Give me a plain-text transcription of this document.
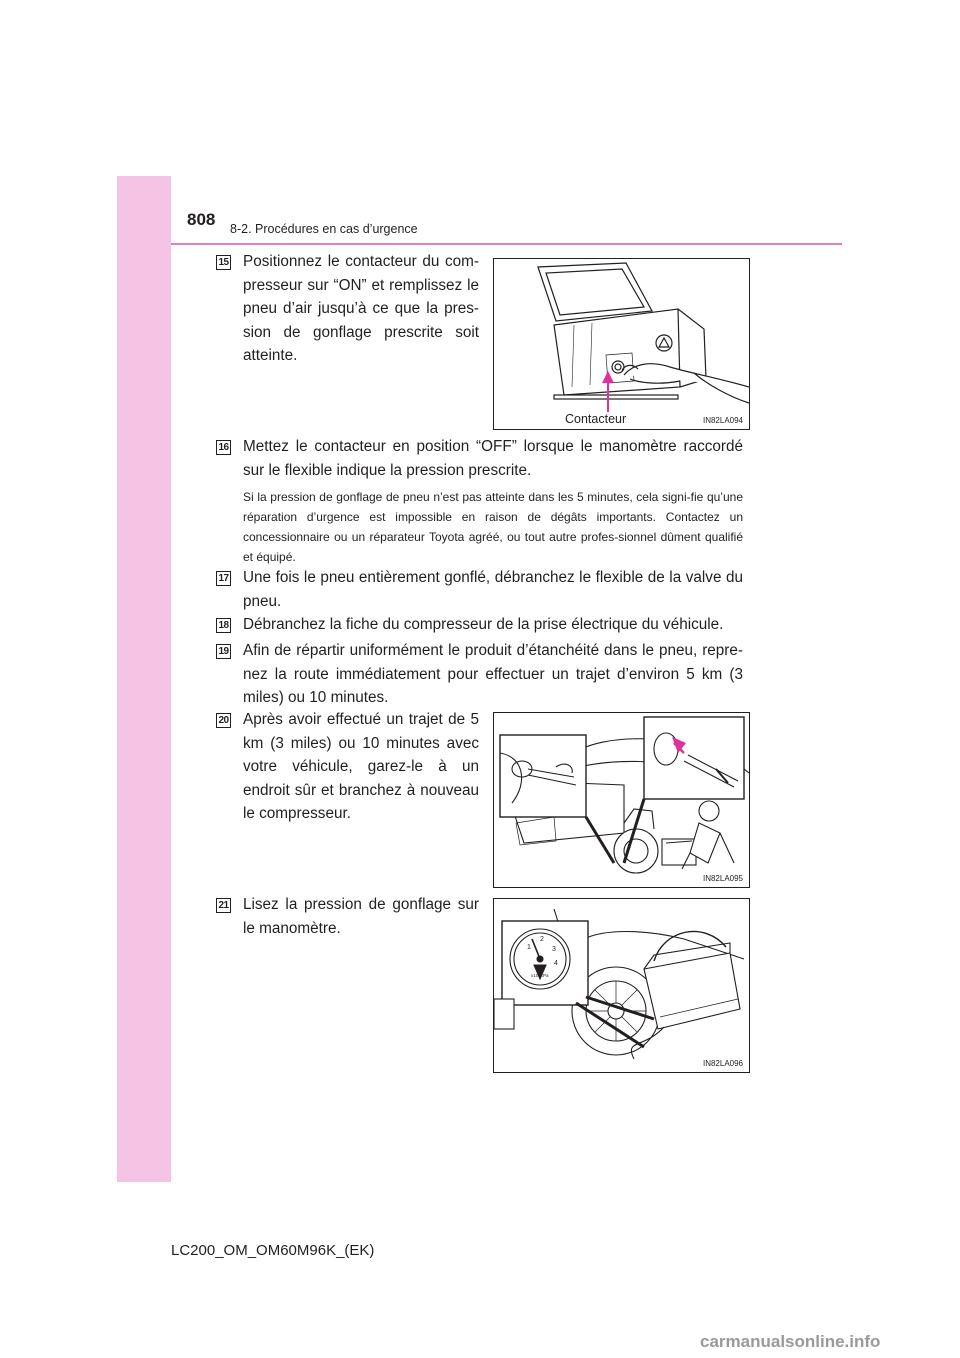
808 8-2. Procédures en cas d’urgence
15 Positionnez le contacteur du com-presseur sur “ON” et remplissez le pneu d’air jusqu’à ce que la pres-sion de gonflage prescrite soit atteinte.
Contacteur	IN82LA094
16 Mettez le contacteur en position “OFF” lorsque le manomètre raccordé sur le flexible indique la pression prescrite.
Si la pression de gonflage de pneu n’est pas atteinte dans les 5 minutes, cela signi-fie qu’une réparation d’urgence est impossible en raison de dégâts importants. Contactez un concessionnaire ou un réparateur Toyota agréé, ou tout autre profes-sionnel dûment qualifié et équipé.
17 Une fois le pneu entièrement gonflé, débranchez le flexible de la valve du pneu.
18 Débranchez la fiche du compresseur de la prise électrique du véhicule.
19 Afin de répartir uniformément le produit d’étanchéité dans le pneu, repre-nez la route immédiatement pour effectuer un trajet d’environ 5 km (3 miles) ou 10 minutes.
20 Après avoir effectué un trajet de 5 km (3 miles) ou 10 minutes avec votre véhicule, garez-le à un endroit sûr et branchez à nouveau le compresseur.
IN82LA095
21 Lisez la pression de gonflage sur le manomètre.
1
2
3
4
x100kPa
IN82LA096
LC200_OM_OM60M96K_(EK)
carmanualsonline.info
